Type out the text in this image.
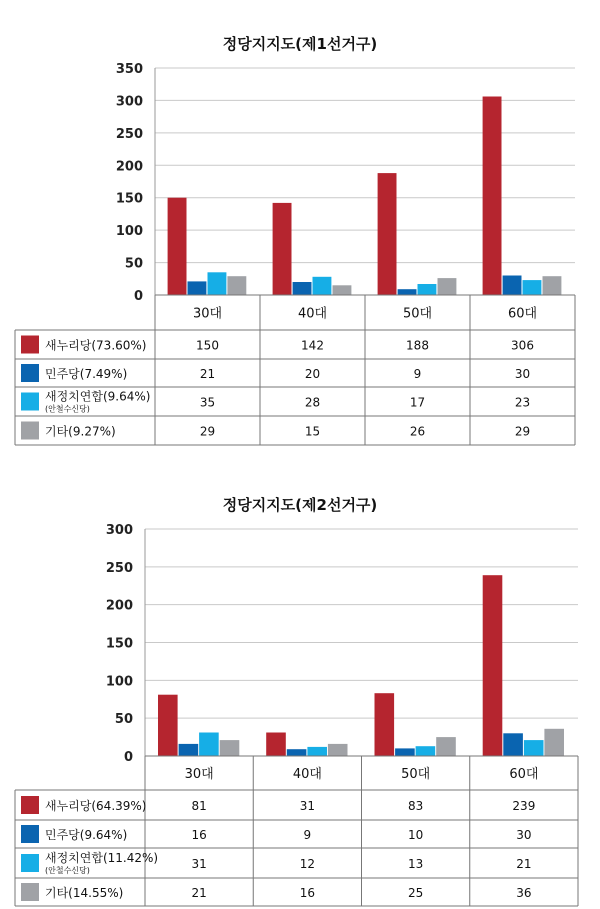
정당지지도(제1선거구)
0
50
100
150
200
250
300
350
30대	40대	50대	60대
새누리당(73.60%)	150	142	188	306
민주당(7.49%)	21	20	9	30
새정치연합(9.64%)
(안철수신당)	35	28	17	23
기타(9.27%)	29	15	26	29
정당지지도(제2선거구)
0
50
100
150
200
250
300
30대	40대	50대	60대
새누리당(64.39%)	81	31	83	239
민주당(9.64%)	16	9	10	30
새정치연합(11.42%)
(안철수신당)	31	12	13	21
기타(14.55%)	21	16	25	36
